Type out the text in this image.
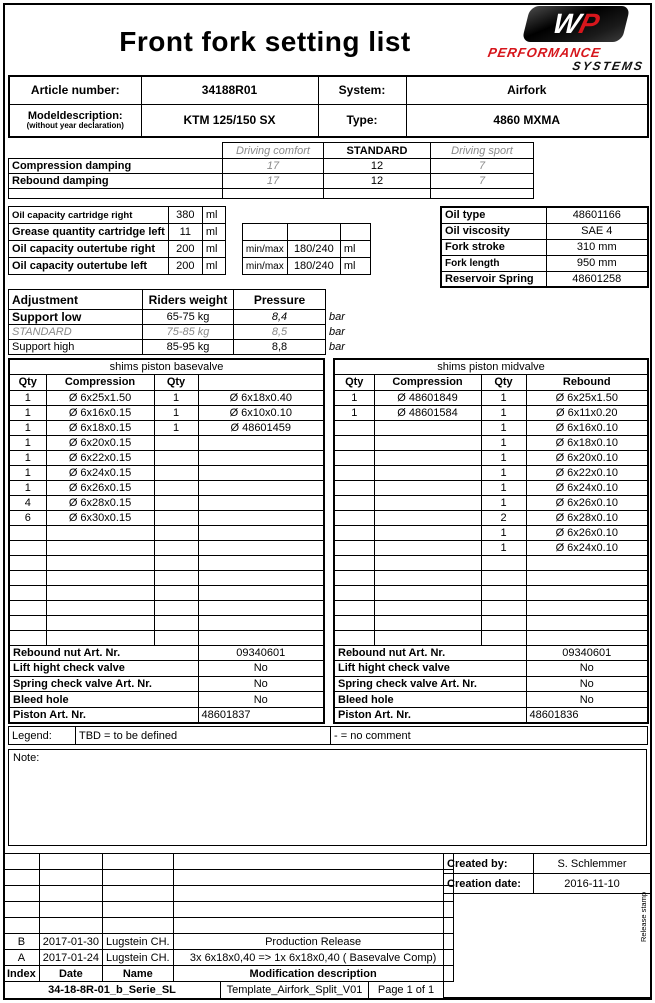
Front fork setting list
W
P
PERFORMANCE
SYSTEMS
Article number:	34188R01	System:	Airfork
Modeldescription:
(without year declaration)	KTM 125/150 SX	Type:	4860 MXMA
	Driving comfort	STANDARD	Driving sport
Compression damping	17	12	7
Rebound damping	17	12	7

Oil capacity cartridge right	380	ml				
Grease quantity cartridge left	11	ml				
Oil capacity outertube right	200	ml		min/max	180/240	ml
Oil capacity outertube left	200	ml		min/max	180/240	ml
Oil type	48601166
Oil viscosity	SAE 4
Fork stroke	310 mm
Fork length	950 mm
Reservoir Spring	48601258
Adjustment	Riders weight	Pressure	
Support low	65-75 kg	8,4	bar
STANDARD	75-85 kg	8,5	bar
Support high	85-95 kg	8,8	bar
shims piston basevalve			
Qty	Compression	Qty	
1	Ø 6x25x1.50	1	Ø 6x18x0.40
1	Ø 6x16x0.15	1	Ø 6x10x0.10
1	Ø 6x18x0.15	1	Ø 48601459
1	Ø 6x20x0.15		
1	Ø 6x22x0.15		
1	Ø 6x24x0.15		
1	Ø 6x26x0.15		
4	Ø 6x28x0.15		
6	Ø 6x30x0.15		

Rebound nut Art. Nr.			09340601
Lift hight check valve			No
Spring check valve Art. Nr.			No
Bleed hole			No
Piston Art. Nr.			48601837
shims piston midvalve			
Qty	Compression	Qty	Rebound
1	Ø 48601849	1	Ø 6x25x1.50
1	Ø 48601584	1	Ø 6x11x0.20
		1	Ø 6x16x0.10
		1	Ø 6x18x0.10
		1	Ø 6x20x0.10
		1	Ø 6x22x0.10
		1	Ø 6x24x0.10
		1	Ø 6x26x0.10
		2	Ø 6x28x0.10
		1	Ø 6x26x0.10
		1	Ø 6x24x0.10

Rebound nut Art. Nr.			09340601
Lift hight check valve			No
Spring check valve Art. Nr.			No
Bleed hole			No
Piston Art. Nr.			48601836
Legend:	TBD = to be defined	- = no comment
Note:

B	2017-01-30	Lugstein CH.	Production Release
A	2017-01-24	Lugstein CH.	3x 6x18x0,40 => 1x 6x18x0,40 ( Basevalve Comp)
Index	Date	Name	Modification description
34-18-8R-01_b_Serie_SL	Template_Airfork_Split_V01	Page 1 of 1
Created by:	S. Schlemmer
Creation date:	2016-11-10

Release stamp
